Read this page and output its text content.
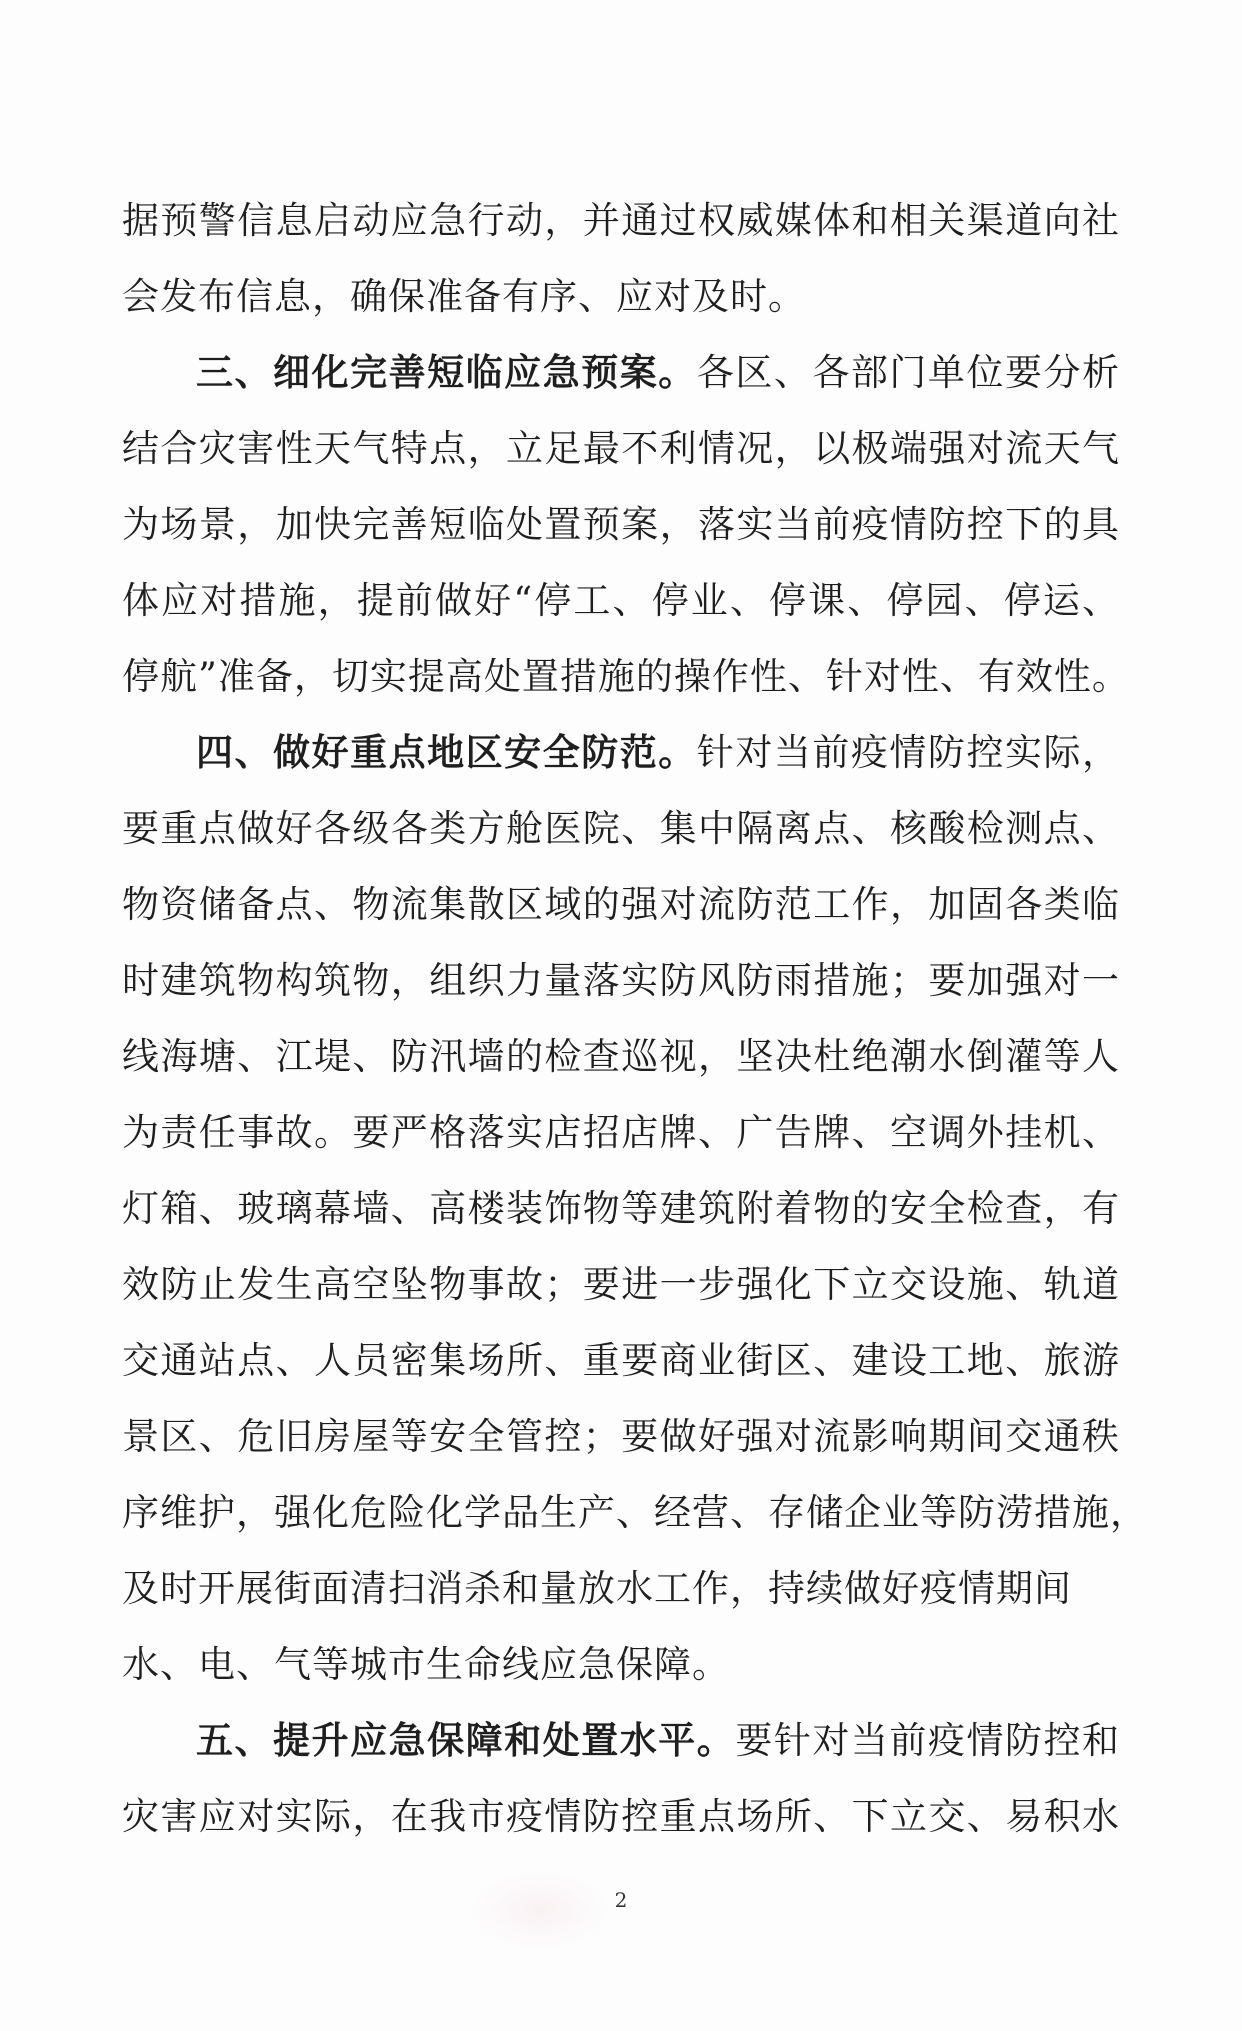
据预警信息启动应急行动，并通过权威媒体和相关渠道向社
会发布信息，确保准备有序、应对及时。
三、细化完善短临应急预案。各区、各部门单位要分析
结合灾害性天气特点，立足最不利情况，以极端强对流天气
为场景，加快完善短临处置预案，落实当前疫情防控下的具
体应对措施，提前做好“停工、停业、停课、停园、停运、
停航”准备，切实提高处置措施的操作性、针对性、有效性。
四、做好重点地区安全防范。针对当前疫情防控实际，
要重点做好各级各类方舱医院、集中隔离点、核酸检测点、
物资储备点、物流集散区域的强对流防范工作，加固各类临
时建筑物构筑物，组织力量落实防风防雨措施；要加强对一
线海塘、江堤、防汛墙的检查巡视，坚决杜绝潮水倒灌等人
为责任事故。要严格落实店招店牌、广告牌、空调外挂机、
灯箱、玻璃幕墙、高楼装饰物等建筑附着物的安全检查，有
效防止发生高空坠物事故；要进一步强化下立交设施、轨道
交通站点、人员密集场所、重要商业街区、建设工地、旅游
景区、危旧房屋等安全管控；要做好强对流影响期间交通秩
序维护，强化危险化学品生产、经营、存储企业等防涝措施，
及时开展街面清扫消杀和量放水工作，持续做好疫情期间
水、电、气等城市生命线应急保障。
五、提升应急保障和处置水平。要针对当前疫情防控和
灾害应对实际，在我市疫情防控重点场所、下立交、易积水
2
